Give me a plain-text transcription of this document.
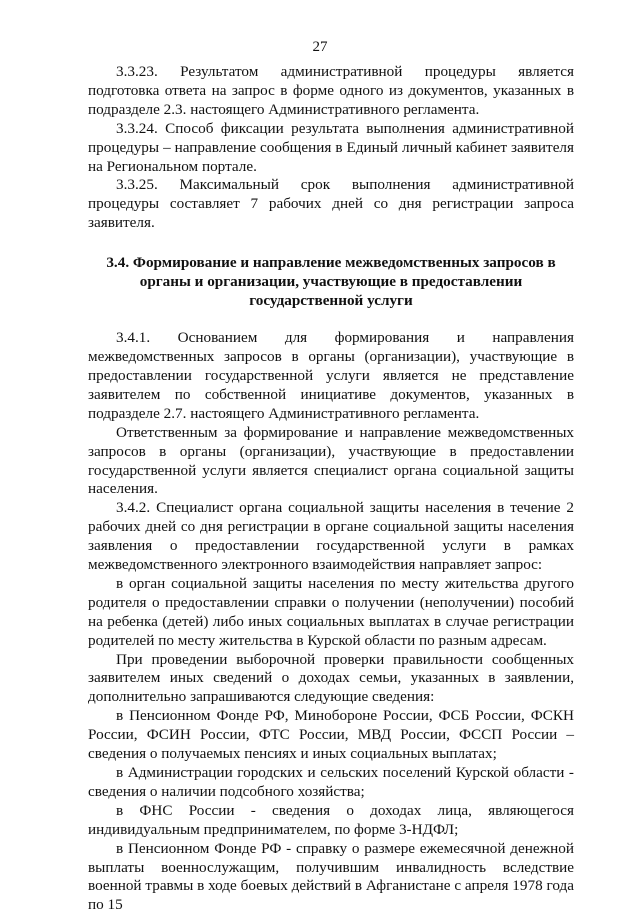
27

3.3.23. Результатом административной процедуры является подготовка ответа на запрос в форме одного из документов, указанных в подразделе 2.3. настоящего Административного регламента.

3.3.24. Способ фиксации результата выполнения административной процедуры – направление сообщения в Единый личный кабинет заявителя на Региональном портале.

3.3.25. Максимальный срок выполнения административной процедуры составляет 7 рабочих дней со дня регистрации запроса заявителя.

3.4. Формирование и направление межведомственных запросов в органы и организации, участвующие в предоставлении государственной услуги

3.4.1. Основанием для формирования и направления межведомственных запросов в органы (организации), участвующие в предоставлении государственной услуги является не представление заявителем по собственной инициативе документов, указанных в подразделе 2.7. настоящего Административного регламента.

Ответственным за формирование и направление межведомственных запросов в органы (организации), участвующие в предоставлении государственной услуги является специалист органа социальной защиты населения.

3.4.2. Специалист органа социальной защиты населения в течение 2 рабочих дней со дня регистрации в органе социальной защиты населения заявления о предоставлении государственной услуги в рамках межведомственного электронного взаимодействия направляет запрос:

в орган социальной защиты населения по месту жительства другого родителя о предоставлении справки о получении (неполучении) пособий на ребенка (детей) либо иных социальных выплатах в случае регистрации родителей по месту жительства в Курской области по разным адресам.

При проведении выборочной проверки правильности сообщенных заявителем иных сведений о доходах семьи, указанных в заявлении, дополнительно запрашиваются следующие сведения:

в Пенсионном Фонде РФ, Минобороне России, ФСБ России, ФСКН России, ФСИН России, ФТС России, МВД России, ФССП России – сведения о получаемых пенсиях и иных социальных выплатах;

в Администрации городских и сельских поселений Курской области - сведения о наличии подсобного хозяйства;

в ФНС России - сведения о доходах лица, являющегося индивидуальным предпринимателем, по форме 3-НДФЛ;

в Пенсионном Фонде РФ - справку о размере ежемесячной денежной выплаты военнослужащим, получившим инвалидность вследствие военной травмы в ходе боевых действий в Афганистане с апреля 1978 года по 15
